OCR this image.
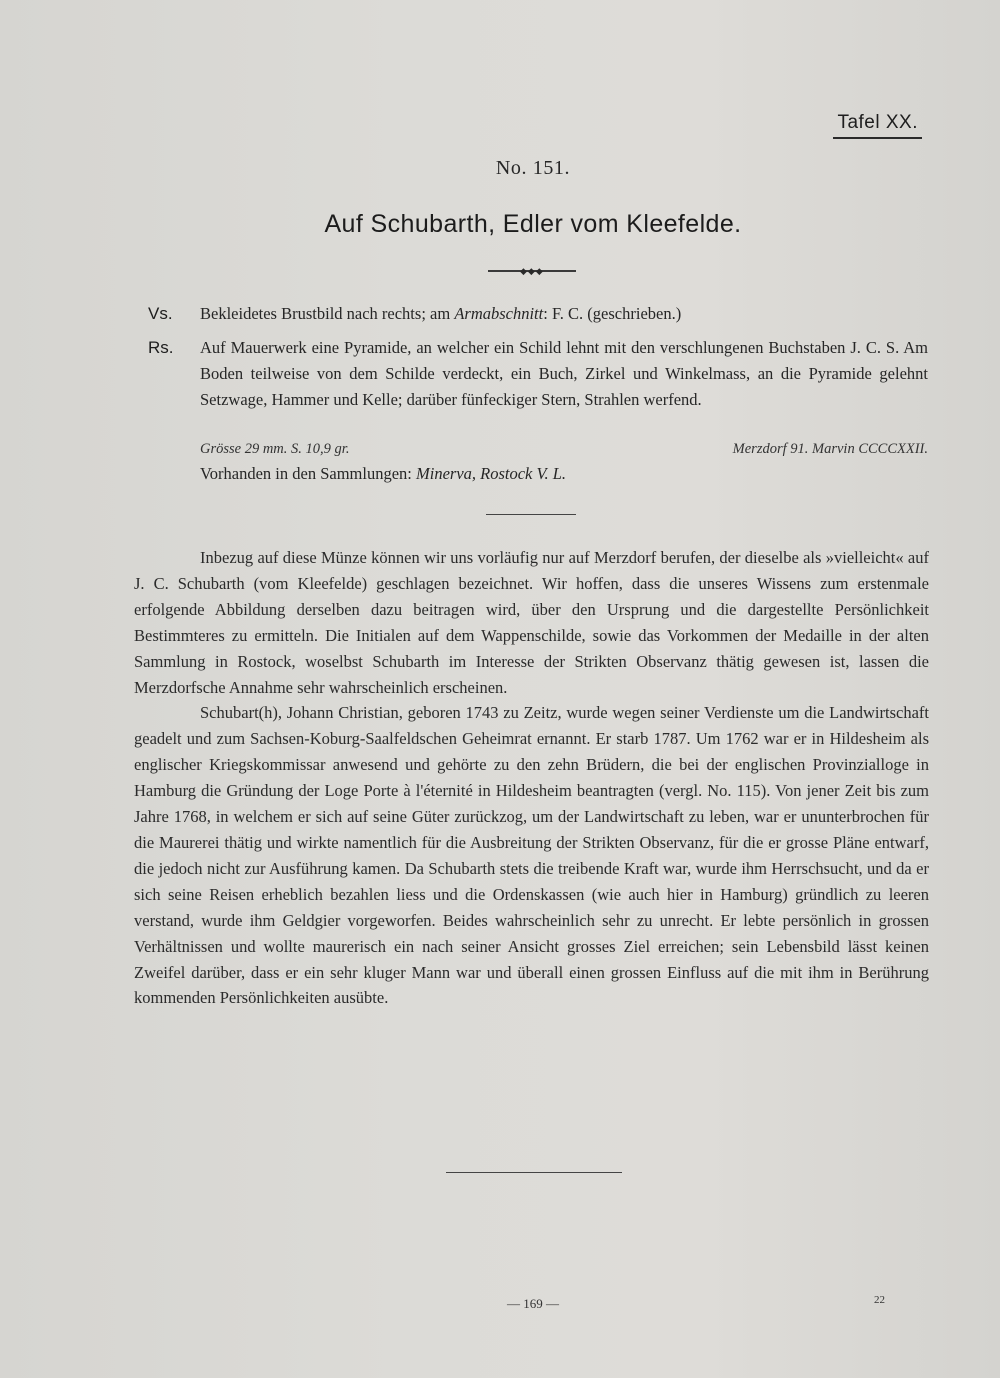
Tafel XX.
No. 151.
Auf Schubarth, Edler vom Kleefelde.
◆◆◆
Vs. Bekleidetes Brustbild nach rechts; am Armabschnitt: F. C. (geschrieben.)
Rs. Auf Mauerwerk eine Pyramide, an welcher ein Schild lehnt mit den verschlungenen Buchstaben J. C. S. Am Boden teilweise von dem Schilde verdeckt, ein Buch, Zirkel und Winkelmass, an die Pyramide gelehnt Setzwage, Hammer und Kelle; darüber fünfeckiger Stern, Strahlen werfend.
Grösse 29 mm. S. 10,9 gr.	Merzdorf 91. Marvin CCCCXXII.
Vorhanden in den Sammlungen: Minerva, Rostock V. L.

Inbezug auf diese Münze können wir uns vorläufig nur auf Merzdorf berufen, der dieselbe als »vielleicht« auf J. C. Schubarth (vom Kleefelde) geschlagen bezeichnet. Wir hoffen, dass die unseres Wissens zum erstenmale erfolgende Abbildung derselben dazu beitragen wird, über den Ursprung und die dargestellte Persönlichkeit Bestimmteres zu ermitteln. Die Initialen auf dem Wappenschilde, sowie das Vorkommen der Medaille in der alten Sammlung in Rostock, woselbst Schubarth im Interesse der Strikten Observanz thätig gewesen ist, lassen die Merzdorfsche Annahme sehr wahrscheinlich erscheinen.

Schubart(h), Johann Christian, geboren 1743 zu Zeitz, wurde wegen seiner Verdienste um die Landwirtschaft geadelt und zum Sachsen-Koburg-Saalfeldschen Geheimrat ernannt. Er starb 1787. Um 1762 war er in Hildesheim als englischer Kriegskommissar anwesend und gehörte zu den zehn Brüdern, die bei der englischen Provinzialloge in Hamburg die Gründung der Loge Porte à l'éternité in Hildesheim beantragten (vergl. No. 115). Von jener Zeit bis zum Jahre 1768, in welchem er sich auf seine Güter zurückzog, um der Landwirtschaft zu leben, war er ununterbrochen für die Maurerei thätig und wirkte namentlich für die Ausbreitung der Strikten Observanz, für die er grosse Pläne entwarf, die jedoch nicht zur Ausführung kamen. Da Schubarth stets die treibende Kraft war, wurde ihm Herrschsucht, und da er sich seine Reisen erheblich bezahlen liess und die Ordenskassen (wie auch hier in Hamburg) gründlich zu leeren verstand, wurde ihm Geldgier vorgeworfen. Beides wahrscheinlich sehr zu unrecht. Er lebte persönlich in grossen Verhältnissen und wollte maurerisch ein nach seiner Ansicht grosses Ziel erreichen; sein Lebensbild lässt keinen Zweifel darüber, dass er ein sehr kluger Mann war und überall einen grossen Einfluss auf die mit ihm in Berührung kommenden Persönlichkeiten ausübte.

— 169 —	22
